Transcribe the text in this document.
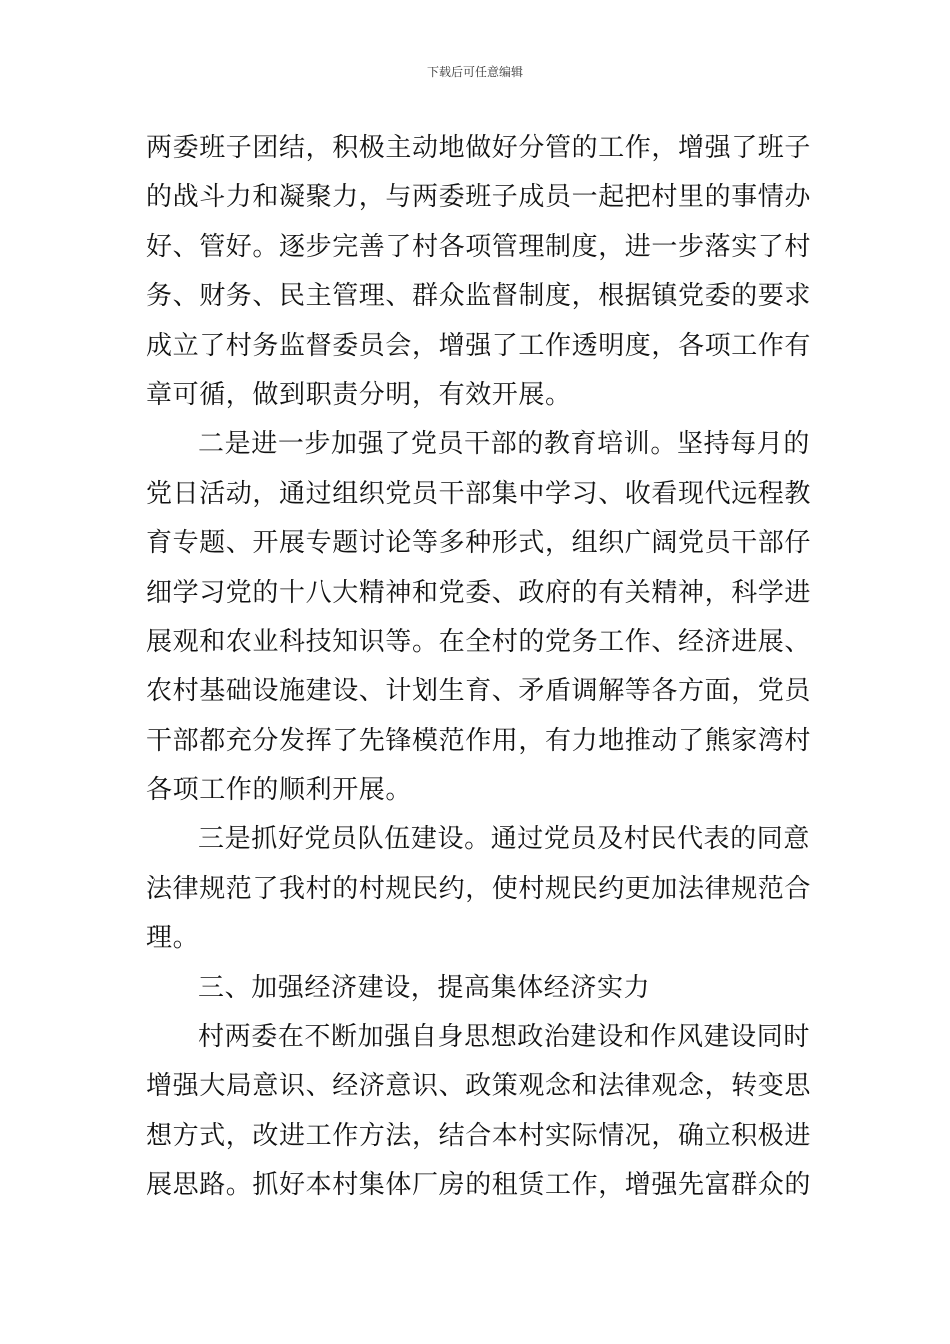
下载后可任意编辑
两委班子团结，积极主动地做好分管的工作，增强了班子
的战斗力和凝聚力，与两委班子成员一起把村里的事情办
好、管好。逐步完善了村各项管理制度，进一步落实了村
务、财务、民主管理、群众监督制度，根据镇党委的要求
成立了村务监督委员会，增强了工作透明度，各项工作有
章可循，做到职责分明，有效开展。
二是进一步加强了党员干部的教育培训。坚持每月的
党日活动，通过组织党员干部集中学习、收看现代远程教
育专题、开展专题讨论等多种形式，组织广阔党员干部仔
细学习党的十八大精神和党委、政府的有关精神，科学进
展观和农业科技知识等。在全村的党务工作、经济进展、
农村基础设施建设、计划生育、矛盾调解等各方面，党员
干部都充分发挥了先锋模范作用，有力地推动了熊家湾村
各项工作的顺利开展。
三是抓好党员队伍建设。通过党员及村民代表的同意
法律规范了我村的村规民约，使村规民约更加法律规范合
理。
三、加强经济建设，提高集体经济实力
村两委在不断加强自身思想政治建设和作风建设同时
增强大局意识、经济意识、政策观念和法律观念，转变思
想方式，改进工作方法，结合本村实际情况，确立积极进
展思路。抓好本村集体厂房的租赁工作，增强先富群众的
